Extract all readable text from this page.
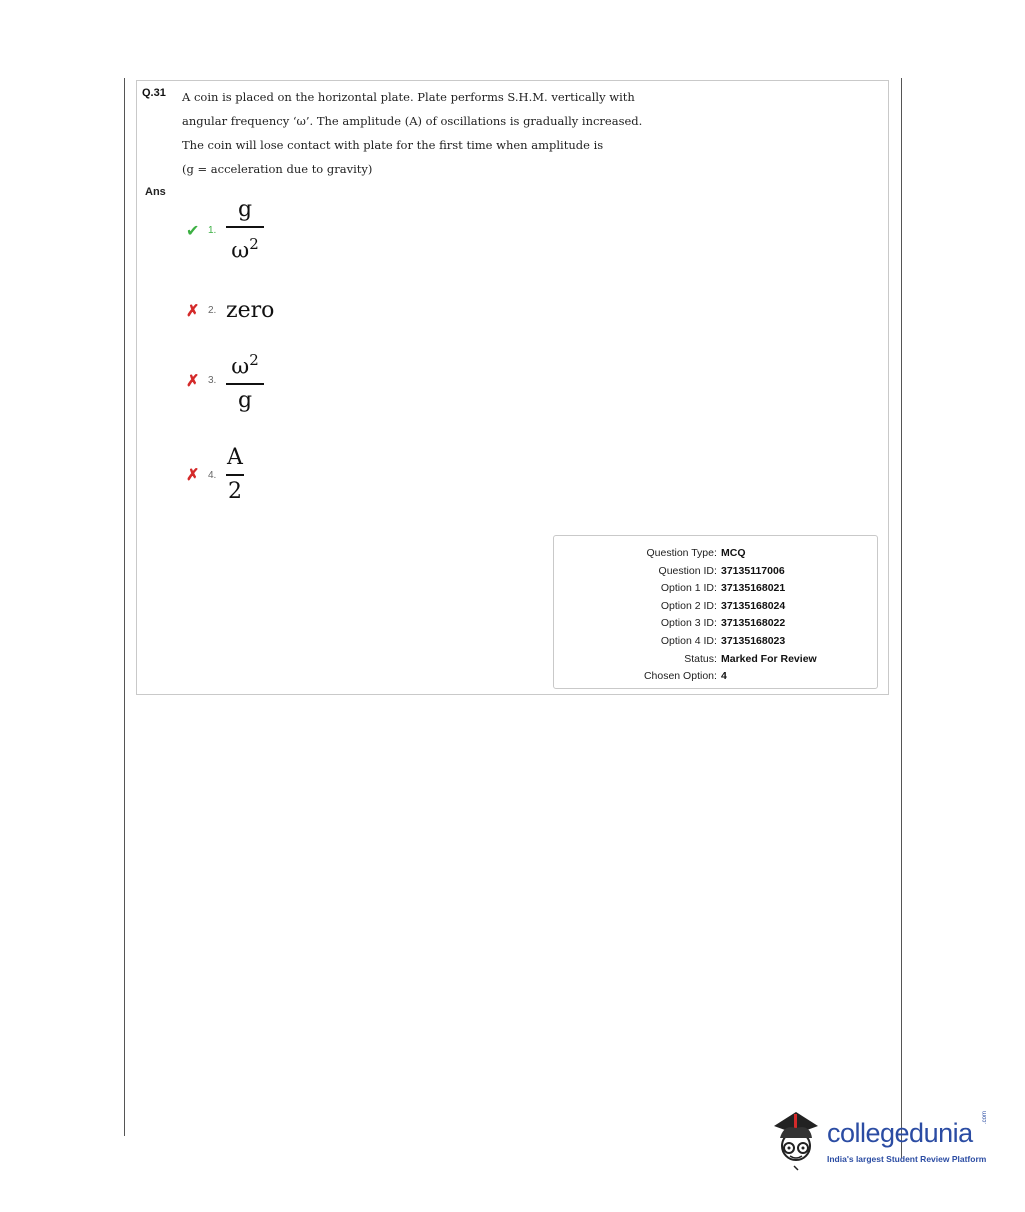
Q.31 A coin is placed on the horizontal plate. Plate performs S.H.M. vertically with
angular frequency ‘ω’. The amplitude (A) of oscillations is gradually increased.
The coin will lose contact with plate for the first time when amplitude is
(g = acceleration due to gravity)
Ans
✔ 1. $\frac{g}{\omega^2}$
✗ 2. zero
✗ 3. $\frac{\omega^2}{g}$
✗ 4. $\frac{A}{2}$
Question Type : MCQ
Question ID : 37135117006
Option 1 ID : 37135168021
Option 2 ID : 37135168024
Option 3 ID : 37135168022
Option 4 ID : 37135168023
Status : Marked For Review
Chosen Option : 4
collegedunia
.com
India's largest Student Review Platform
